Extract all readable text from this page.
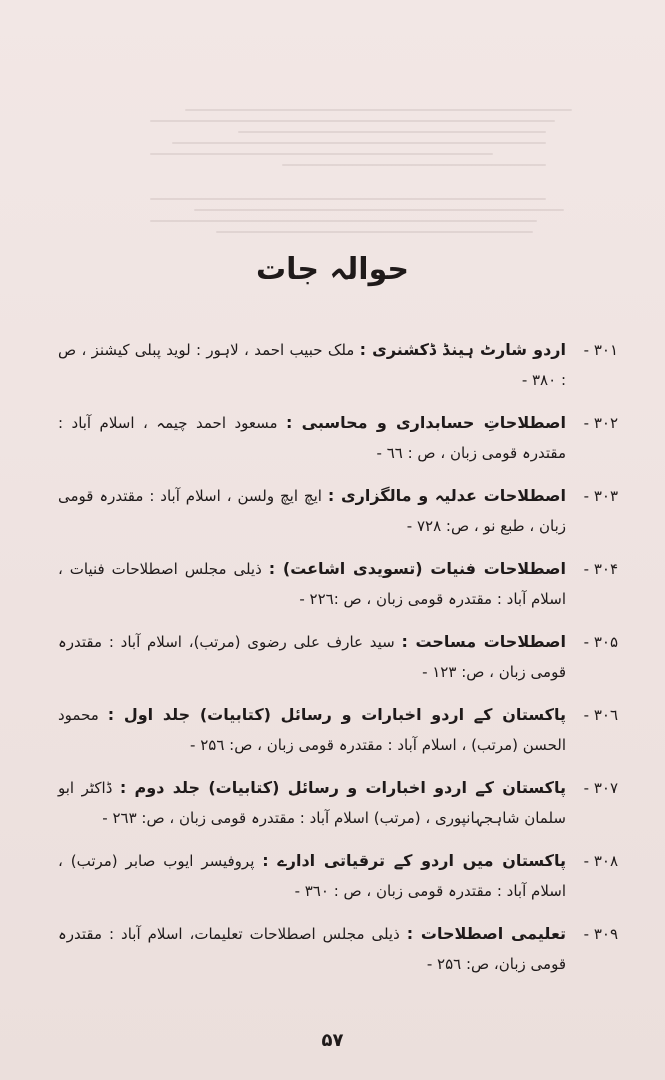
حوالہ جات
۳۰۱ -
اردو شارٹ ہینڈ ڈکشنری : ملک حبیب احمد ، لاہور : لوید پبلی کیشنز ، ص : ۳۸۰ -
۳۰۲ -
اصطلاحاتِ حسابداری و محاسبی : مسعود احمد چیمہ ، اسلام آباد : مقتدرہ قومی زبان ، ص : ٦٦ -
۳۰۳ -
اصطلاحات عدلیہ و مالگزاری : ایچ ایچ ولسن ، اسلام آباد : مقتدرہ قومی زبان ، طبع نو ، ص: ۷۲۸ -
۳۰۴ -
اصطلاحات فنیات (تسویدی اشاعت) : ذیلی مجلس اصطلاحات فنیات ، اسلام آباد : مقتدرہ قومی زبان ، ص :۲۲٦ -
۳۰۵ -
اصطلاحات مساحت : سید عارف علی رضوی (مرتب)، اسلام آباد : مقتدرہ قومی زبان ، ص: ۱۲۳ -
۳۰٦ -
پاکستان کے اردو اخبارات و رسائل (کتابیات) جلد اول : محمود الحسن (مرتب) ، اسلام آباد : مقتدرہ قومی زبان ، ص: ۲۵٦ -
۳۰۷ -
پاکستان کے اردو اخبارات و رسائل (کتابیات) جلد دوم : ڈاکٹر ابو سلمان شاہجہانپوری ، (مرتب) اسلام آباد : مقتدرہ قومی زبان ، ص: ۲٦۳ -
۳۰۸ -
پاکستان میں اردو کے ترقیاتی ادارے : پروفیسر ایوب صابر (مرتب) ، اسلام آباد : مقتدرہ قومی زبان ، ص : ۳٦۰ -
۳۰۹ -
تعلیمی اصطلاحات : ذیلی مجلس اصطلاحات تعلیمات، اسلام آباد : مقتدرہ قومی زبان، ص: ۲۵٦ -
۵۷
